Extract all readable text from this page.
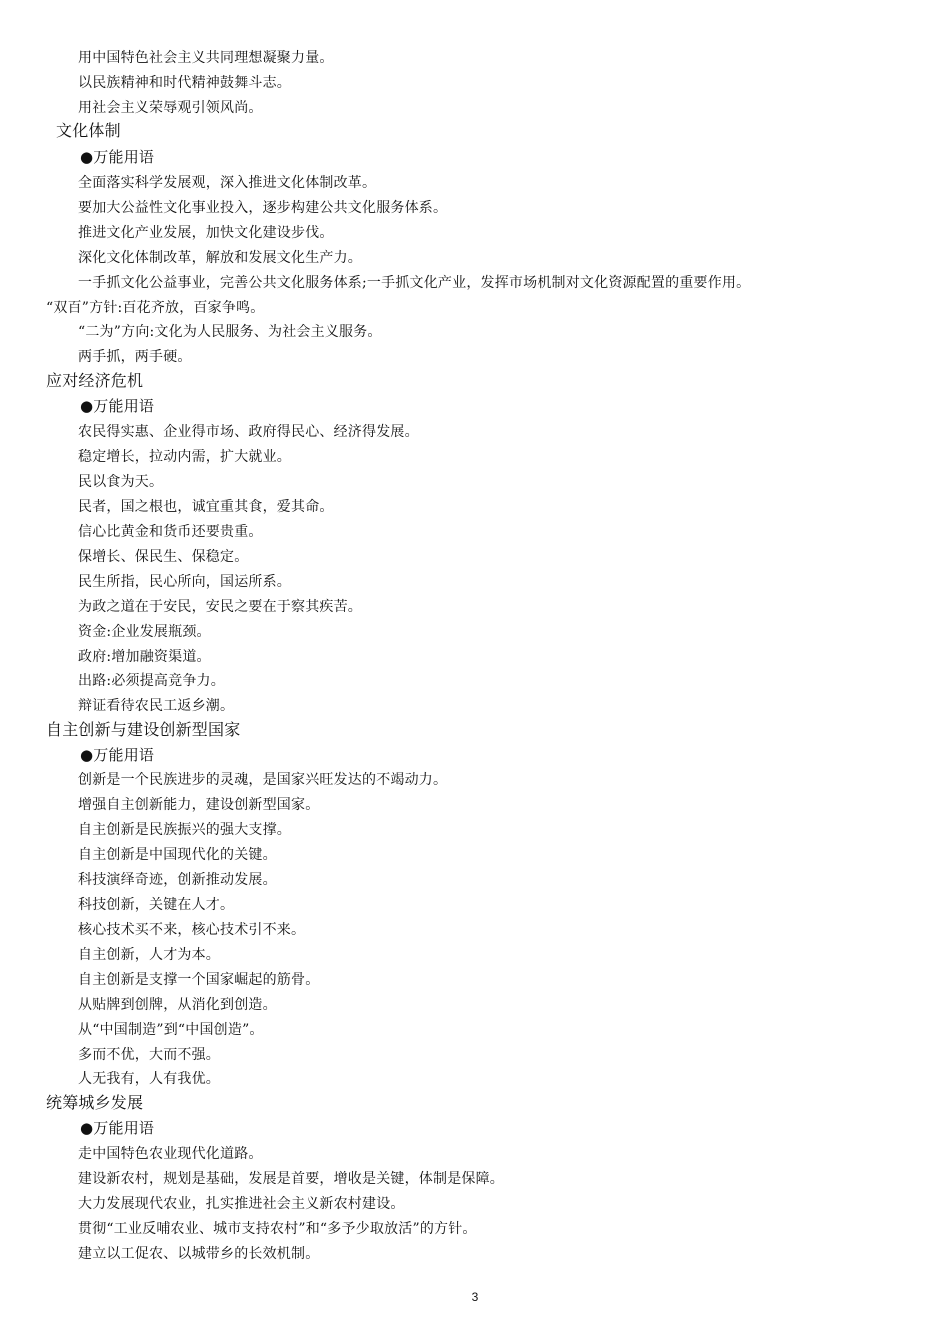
用中国特色社会主义共同理想凝聚力量。
以民族精神和时代精神鼓舞斗志。
用社会主义荣辱观引领风尚。
文化体制
●万能用语
全面落实科学发展观，深入推进文化体制改革。
要加大公益性文化事业投入，逐步构建公共文化服务体系。
推进文化产业发展，加快文化建设步伐。
深化文化体制改革，解放和发展文化生产力。
一手抓文化公益事业，完善公共文化服务体系;一手抓文化产业，发挥市场机制对文化资源配置的重要作用。
“双百”方针:百花齐放，百家争鸣。
“二为”方向:文化为人民服务、为社会主义服务。
两手抓，两手硬。
应对经济危机
●万能用语
农民得实惠、企业得市场、政府得民心、经济得发展。
稳定增长，拉动内需，扩大就业。
民以食为天。
民者，国之根也，诚宜重其食，爱其命。
信心比黄金和货币还要贵重。
保增长、保民生、保稳定。
民生所指，民心所向，国运所系。
为政之道在于安民，安民之要在于察其疾苦。
资金:企业发展瓶颈。
政府:增加融资渠道。
出路:必须提高竞争力。
辩证看待农民工返乡潮。
自主创新与建设创新型国家
●万能用语
创新是一个民族进步的灵魂，是国家兴旺发达的不竭动力。
增强自主创新能力，建设创新型国家。
自主创新是民族振兴的强大支撑。
自主创新是中国现代化的关键。
科技演绎奇迹，创新推动发展。
科技创新，关键在人才。
核心技术买不来，核心技术引不来。
自主创新，人才为本。
自主创新是支撑一个国家崛起的筋骨。
从贴牌到创牌，从消化到创造。
从“中国制造”到“中国创造”。
多而不优，大而不强。
人无我有，人有我优。
统筹城乡发展
●万能用语
走中国特色农业现代化道路。
建设新农村，规划是基础，发展是首要，增收是关键，体制是保障。
大力发展现代农业，扎实推进社会主义新农村建设。
贯彻“工业反哺农业、城市支持农村”和“多予少取放活”的方针。
建立以工促农、以城带乡的长效机制。
3
